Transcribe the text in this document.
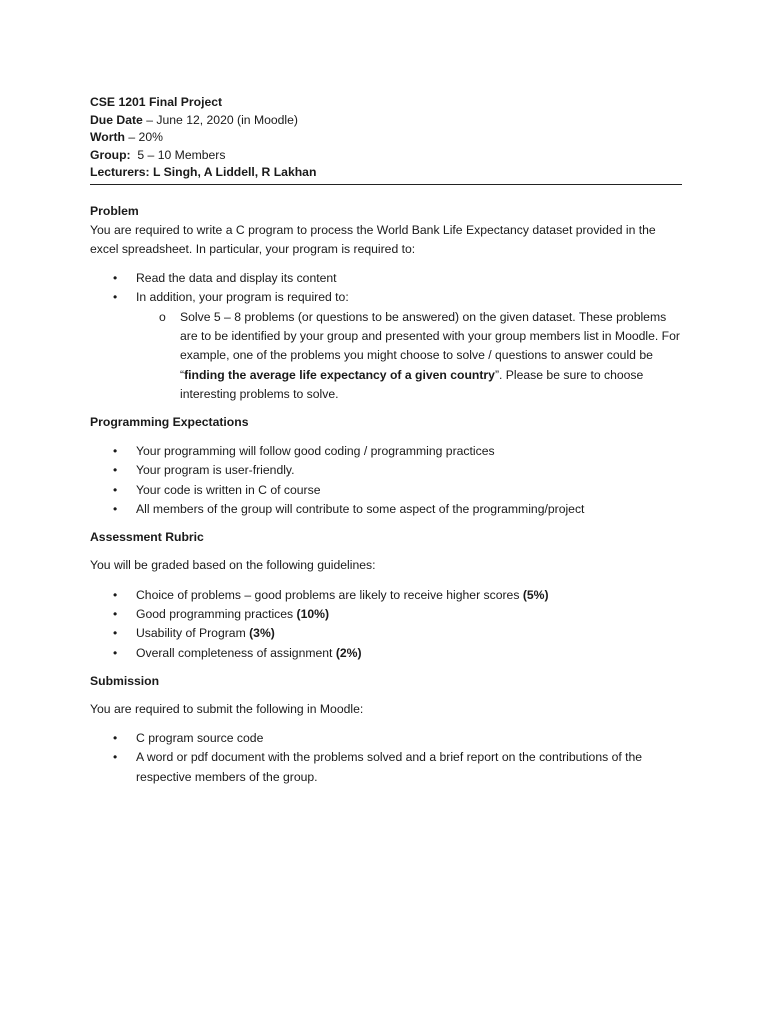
CSE 1201 Final Project
Due Date – June 12, 2020 (in Moodle)
Worth – 20%
Group:  5 – 10 Members
Lecturers: L Singh, A Liddell, R Lakhan
Problem

You are required to write a C program to process the World Bank Life Expectancy dataset provided in the excel spreadsheet. In particular, your program is required to:

• Read the data and display its content
• In addition, your program is required to:
o Solve 5 – 8 problems (or questions to be answered) on the given dataset. These problems are to be identified by your group and presented with your group members list in Moodle. For example, one of the problems you might choose to solve / questions to answer could be “finding the average life expectancy of a given country”. Please be sure to choose interesting problems to solve.
Programming Expectations
• Your programming will follow good coding / programming practices
• Your program is user-friendly.
• Your code is written in C of course
• All members of the group will contribute to some aspect of the programming/project
Assessment Rubric

You will be graded based on the following guidelines:

• Choice of problems – good problems are likely to receive higher scores (5%)
• Good programming practices (10%)
• Usability of Program (3%)
• Overall completeness of assignment (2%)
Submission

You are required to submit the following in Moodle:

• C program source code
• A word or pdf document with the problems solved and a brief report on the contributions of the respective members of the group.
